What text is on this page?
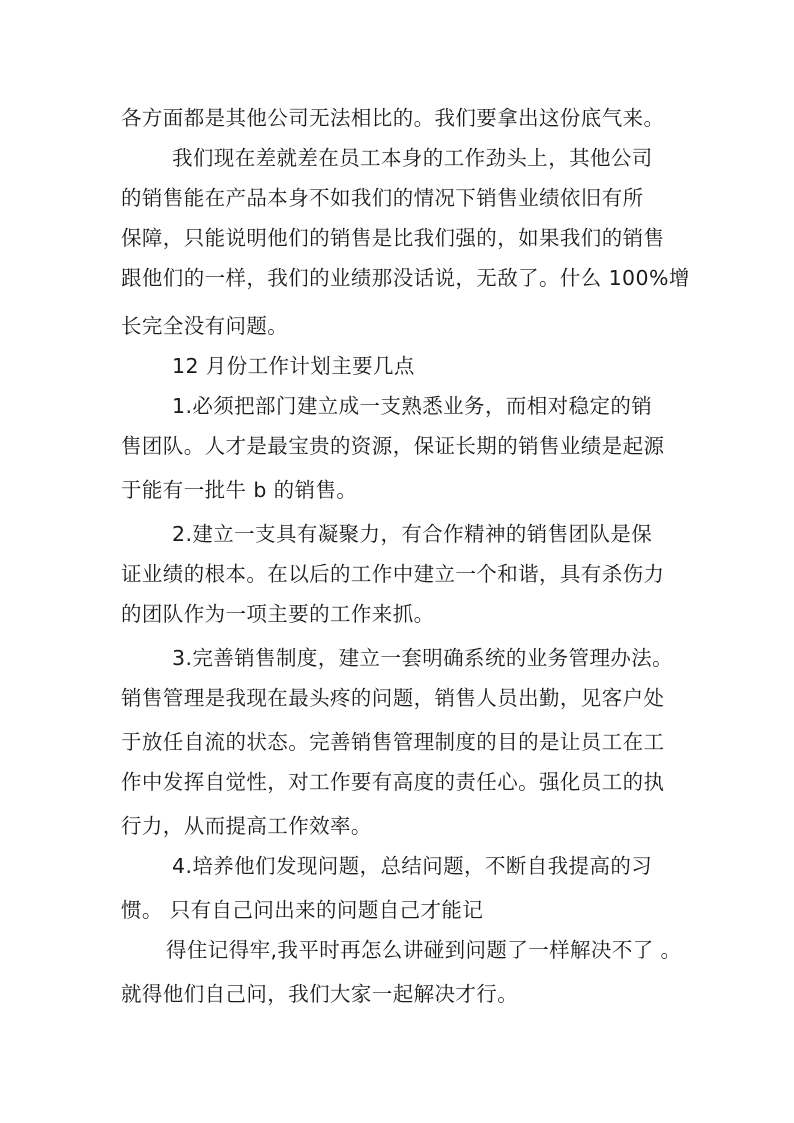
各方面都是其他公司无法相比的。我们要拿出这份底气来。
我们现在差就差在员工本身的工作劲头上，其他公司
的销售能在产品本身不如我们的情况下销售业绩依旧有所
保障，只能说明他们的销售是比我们强的，如果我们的销售
跟他们的一样，我们的业绩那没话说，无敌了。什么 100%增
长完全没有问题。
12 月份工作计划主要几点
1.必须把部门建立成一支熟悉业务，而相对稳定的销
售团队。人才是最宝贵的资源，保证长期的销售业绩是起源
于能有一批牛 b 的销售。
2.建立一支具有凝聚力，有合作精神的销售团队是保
证业绩的根本。在以后的工作中建立一个和谐，具有杀伤力
的团队作为一项主要的工作来抓。
3.完善销售制度，建立一套明确系统的业务管理办法。
销售管理是我现在最头疼的问题，销售人员出勤，见客户处
于放任自流的状态。完善销售管理制度的目的是让员工在工
作中发挥自觉性，对工作要有高度的责任心。强化员工的执
行力，从而提高工作效率。
4.培养他们发现问题，总结问题，不断自我提高的习
惯。 只有自己问出来的问题自己才能记
得住记得牢,我平时再怎么讲碰到问题了一样解决不了 。
就得他们自己问，我们大家一起解决才行。
